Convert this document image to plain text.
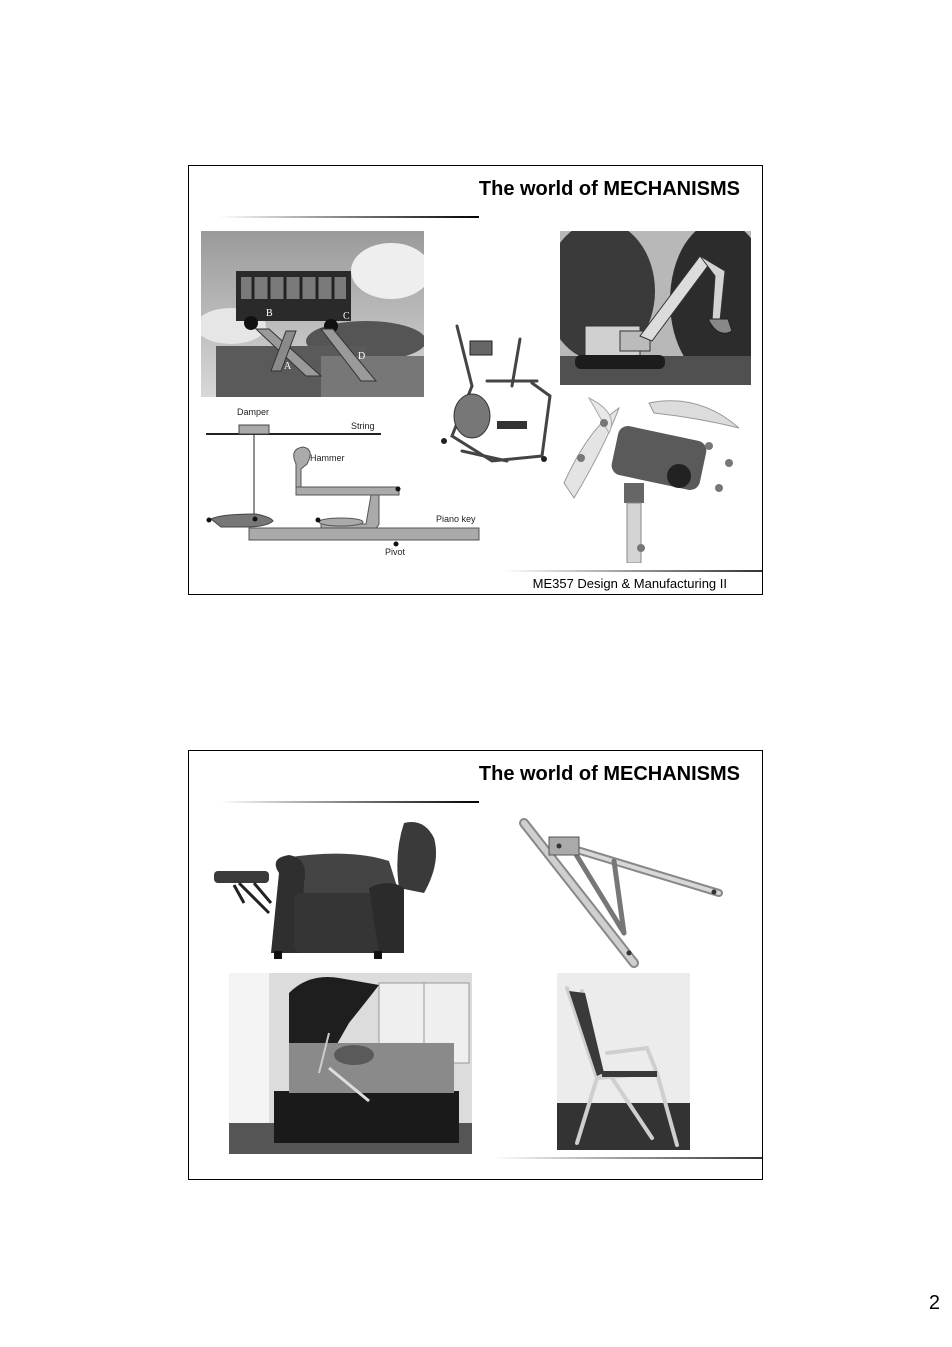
The world of MECHANISMS
B	C
A
D
Damper
String
Hammer
Piano key
Pivot
ME357 Design & Manufacturing II
The world of MECHANISMS
2
